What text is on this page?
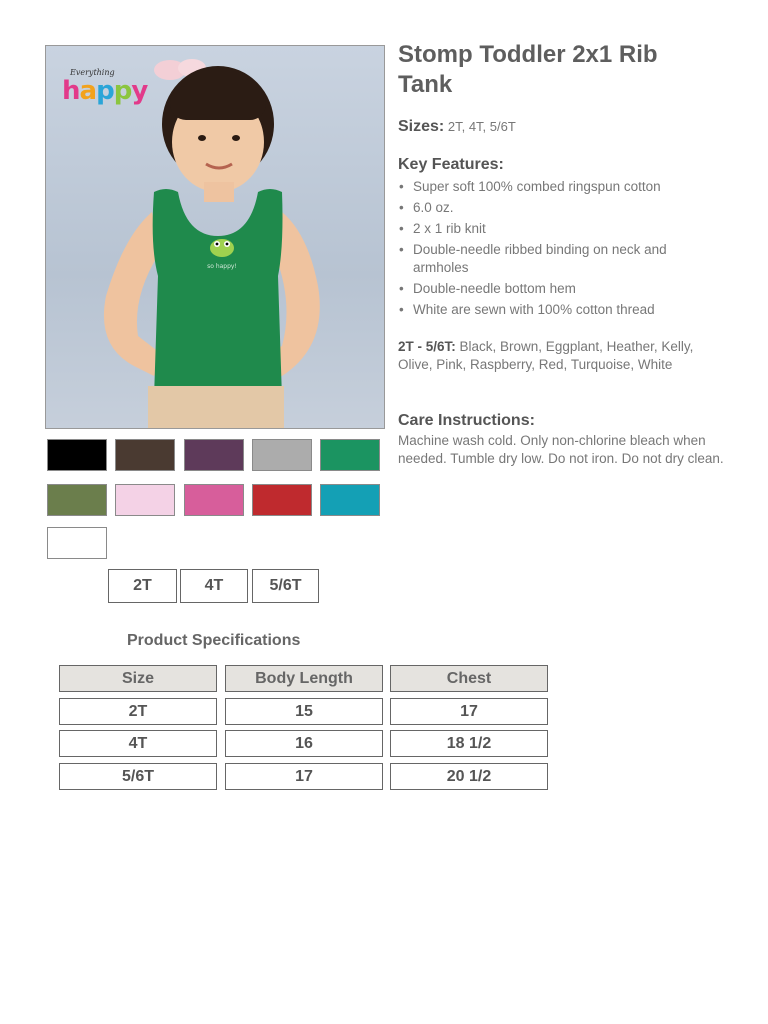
so happy!
Everything
happy
2T	4T	5/6T
Product Specifications
Size	Body Length	Chest
2T	15	17
4T	16	18 1/2
5/6T	17	20 1/2
Stomp Toddler 2x1 Rib Tank
Sizes: 2T, 4T, 5/6T
Key Features:
• Super soft 100% combed ringspun cotton
• 6.0 oz.
• 2 x 1 rib knit
• Double-needle ribbed binding on neck and armholes
• Double-needle bottom hem
• White are sewn with 100% cotton thread
2T - 5/6T: Black, Brown, Eggplant, Heather, Kelly, Olive, Pink, Raspberry, Red, Turquoise, White
Care Instructions:
Machine wash cold. Only non-chlorine bleach when needed. Tumble dry low. Do not iron. Do not dry clean.
